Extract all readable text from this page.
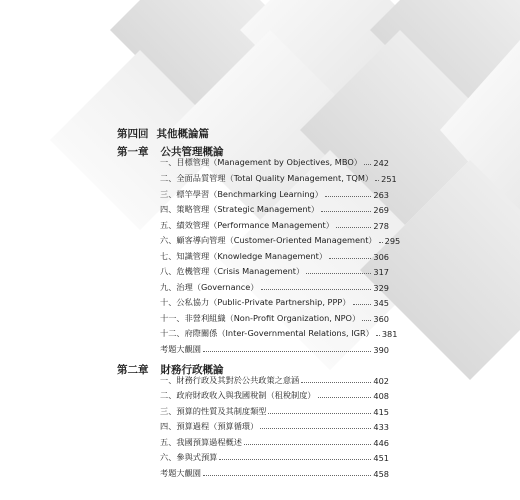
第四回 其他概論篇
第一章 公共管理概論
一、目標管理（Management by Objectives, MBO） 242
二、全面品質管理（Total Quality Management, TQM） 251
三、標竿學習（Benchmarking Learning）	263
四、策略管理（Strategic Management）	269
五、績效管理（Performance Management）	278
六、顧客導向管理（Customer-Oriented Management） 295
七、知識管理（Knowledge Management）	306
八、危機管理（Crisis Management）	317
九、治理（Governance）	329
十、公私協力（Public-Private Partnership, PPP）	345
十一、非營利組織（Non-Profit Organization, NPO） 360
十二、府際關係（Inter-Governmental Relations, IGR） 381
考題大觀園	390
第二章 財務行政概論
一、財務行政及其對於公共政策之意涵	402
二、政府財政收入與我國稅制（租稅制度）	408
三、預算的性質及其制度類型	415
四、預算過程（預算循環）	433
五、我國預算過程概述	446
六、參與式預算	451
考題大觀園	458
